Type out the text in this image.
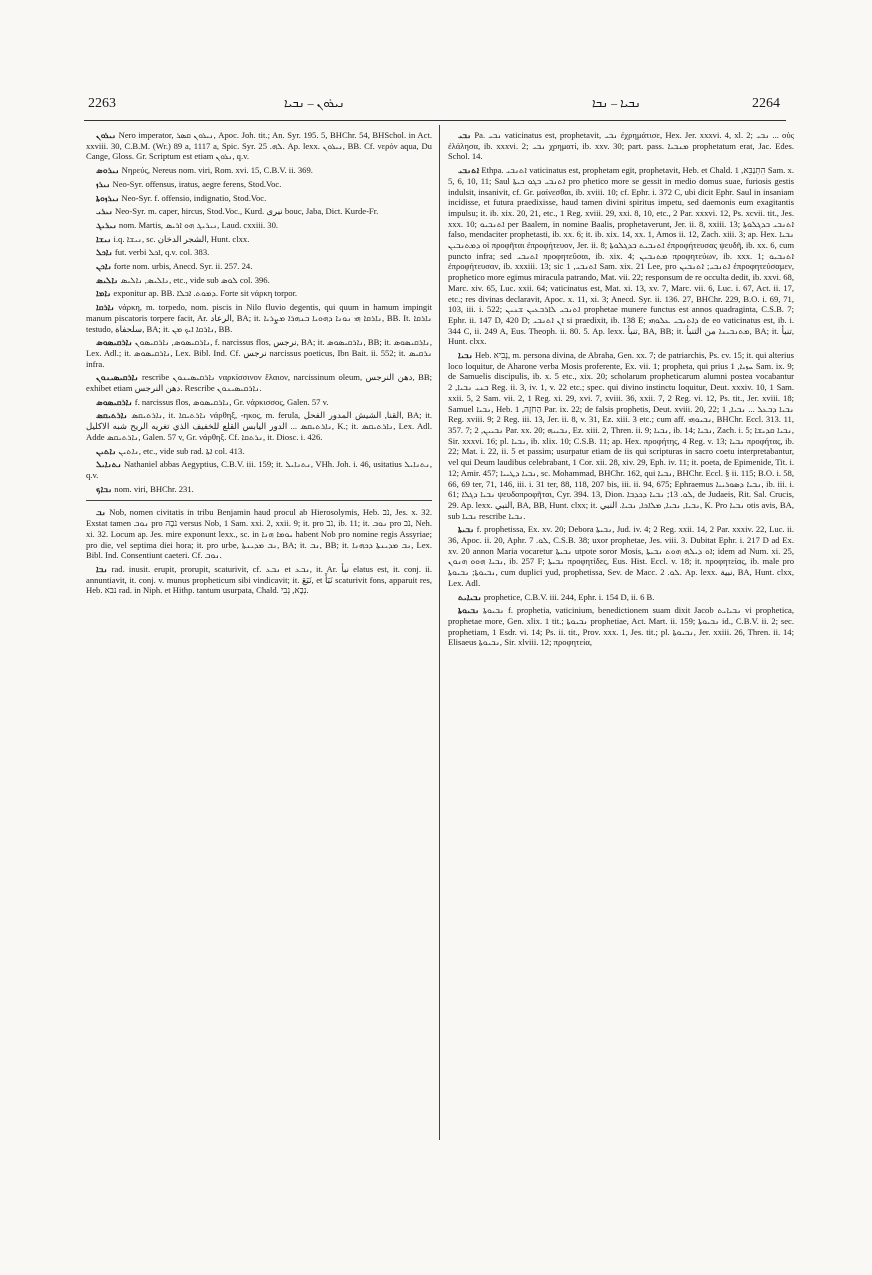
2263	ܢܝܪܘܢ ‒ ܢܒܝܐ	ܢܒܝܐ ‒ ܢܒܐ	2264

ܢܝܪܘܢ Nero imperator, ܢܝܪܘܢ ܩܣܪ, Apoc. Joh. tit.; An. Syr. 195. 5, BHChr. 54, BHSchol. in Act. xxviii. 30, C.B.M. (Wr.) 89 a, 1117 a, Spic. Syr. ܠܗ. 25. Ap. lexx. ܢܝܪܘܢ, BB. Cf. νερόν aqua, Du Cange, Gloss. Gr. Scriptum est etiam ܢܪܘܢ, q.v.

ܢܝܪܘܣ Νηρεύς, Nereus nom. viri, Rom. xvi. 15, C.B.V. ii. 369.

ܢܝܪܙ Neo-Syr. offensus, iratus, aegre ferens, Stod.Voc.

ܢܝܪܙܘܬܐ Neo-Syr. f. offensio, indignatio, Stod.Voc.

ܢܝܪܝ Neo-Syr. m. caper, hircus, Stod.Voc., Kurd. نيرى bouc, Jaba, Dict. Kurde-Fr.

ܢܝܪܝܓ nom. Martis, ܢܝܪܝܓ ܗܘ ܐܪܝܣ, Laud. cxxiii. 30.

ܢܝܫܐ i.q. ܢܝܫܐ, sc. الشجر الدخان, Hunt. clxx.

ܢܐܟܠ fut. verbi ܐܟܠ, q.v. col. 383.

ܢܐܟܢ forte nom. urbis, Anecd. Syr. ii. 257. 24.

ܢܐܠܝܣ ܢܐܠܝܣ, ܢܐܠܝܣ, etc., vide sub ܠܘܣ col. 396.

ܢܐܡܐ exponitur ap. BB. ܕܡܘܬ. ܐܒܠܐ. Forte sit νάρκη torpor.

ܢܐܪܩܐ νάρκη, m. torpedo, nom. piscis in Nilo fluvio degentis, qui quum in hamum impingit manum piscatoris torpere facit, Ar. الرعاد, BA; it. ܢܐܪܩܐ ܗܝ ܢܘܢܐ ܕܗܘܝܐ ܒܢܗܪܐ ܡܨܪܝܐ, BB. It. ܢܐܪܩܐ testudo, سلحفاة, BA; it. ܢܐܪܩܐ ܐܝܟ ܡܢ, BB.

ܢܐܪܩܝܣܘܣ ܢܐܪܩܝܣܘܣ, ܢܐܪܩܝܣܘܢ, f. narcissus flos, نرجس, BA; it. ܢܐܪܩܝܣܘܣ, BB; it. ܢܐܪܩܝܣܘܣ, Lex. Adl.; it. ܢܐܪܩܝܣܘܣ, Lex. Bibl. Ind. Cf. نرجس narcissus poeticus, Ibn Bait. ii. 552; it. ܢܪܩܝܣ infra.

ܢܐܪܩܝܣܝܢܘܢ rescribe ܢܐܪܩܝܣܝܢܘܢ ναρκίσσινον ἔλαιον, narcissinum oleum, دهن النرجس, BB; exhibet etiam دهن النرجس. Rescribe ܢܐܪܩܝܣܝܢܘܢ.

ܢܐܪܩܝܣܘܣ f. narcissus flos, ܢܐܪܩܝܣܘܣ, Gr. νάρκισσος, Galen. 57 v.

ܢܐܪܬܝܩܣ ܢܐܪܬܝܩܣ, it. ܢܐܪܬܝܩܐ νάρθηξ, -ηκος, m. ferula, القنا, الشيش المدور الفحل, BA; it. ܢܐܪܬܝܩܣ ... الدور اليابس القلع للخفيف الذي تغريه الريح شبه الاكليل, K.; it. ܢܐܪܬܝܩܣ, Lex. Adl. Adde ܢܐܪܬܝܩܣ, Galen. 57 v, Gr. νάρθηξ. Cf. ܢܪܬܩܐ, it. Diosc. i. 426.

ܢܐܬܝܢ ܢܐܬܝܢ, etc., vide sub rad. ܐܬܐ col. 413.

ܢܬܢܐܝܠ Nathaniel abbas Aegyptius, C.B.V. iii. 159; it. ܢܬܢܐܝܠ, VHh. Joh. i. 46, usitatius ܢܬܢܐܝܠ, q.v.

ܢܒܐܟ nom. viri, BHChr. 231.

ܢܒ Nob, nomen civitatis in tribu Benjamin haud procul ab Hierosolymis, Heb. נֹב, Jes. x. 32. Exstat tamen ܢܘܒ pro נֹבָה versus Nob, 1 Sam. xxi. 2, xxii. 9; it. pro נֹב, ib. 11; it. ܢܘܒ pro נֹב, Neh. xi. 32. Locum ap. Jes. mire exponunt lexx., sc. in ܝܘܡܐ ܗܢܐ habent Nob pro nomine regis Assyriae; pro die, vel septima diei hora; it. pro urbe, ܢܒ ܡܕܝܢܬܐ, BA; it. ܢܒ, BB; it. ܢܒ ܡܕܝܢܬܐ ܕܟܗܢܐ, Lex. Bibl. Ind. Consentiunt caeteri. Cf. ܢܘܒ.

ܢܒܐ rad. inusit. erupit, prorupit, scaturivit, cf. ܢܒܥ et ܢܒܥ, it. Ar. نبأ elatus est, it. conj. ii. annuntiavit, it. conj. v. munus propheticum sibi vindicavit; it. نَبَعَ, et نَبَأَ scaturivit fons, apparuit res, Heb. נבא rad. in Niph. et Hithp. tantum usurpata, Chald. נְבָא, נְבִי.

ܢܒܝ Pa. ܢܒܝ vaticinatus est, prophetavit, ܢܒܝ ἐχρημάτισε, Hex. Jer. xxxvi. 4, xl. 2; ܢܒܝ ... οὐς ἐλάλησα, ib. xxxvi. 2; ܢܒܝ χρηματί, ib. xxv. 30; part. pass. ܡܢܒܝܐ prophetatum erat, Jac. Edes. Schol. 14.

ܐܬܢܒܝ Ethpa. ܐܬܢܒܝ vaticinatus est, prophetam egit, prophetavit, Heb. et Chald. הִתְנַבֵּא, 1 Sam. x. 5, 6, 10, 11; Saul ܐܬܢܒܝ ܒܓܘ ܒܝܬܐ pro phetico more se gessit in medio domus suae, furiosis gestis indulsit, insanivit, cf. Gr. μαίνεσθαι, ib. xviii. 10; cf. Ephr. i. 372 C, ubi dicit Ephr. Saul in insaniam incidisse, et futura praedixisse, haud tamen divini spiritus impetu, sed daemonis eum exagitantis impulsu; it. ib. xix. 20, 21, etc., 1 Reg. xviii. 29, xxi. 8, 10, etc., 2 Par. xxxvi. 12, Ps. xcvii. tit., Jes. xxx. 10; ܐܬܢܒܝܘ per Baalem, in nomine Baalis, prophetaverunt, Jer. ii. 8, xxiii. 13; ܐܬܢܒܝ ܒܕܓܠܘܬܐ falso, mendaciter prophetasti, ib. xx. 6; it. ib. xix. 14, xx. 1, Amos ii. 12, Zach. xiii. 3; ap. Hex. ܢܒܝܐ ܕܡܬܢܒܝܢ οἱ προφῆται ἐπροφήτευον, Jer. ii. 8; ܐܬܢܒܝܬ ܒܕܓܠܘܬܐ ἐπροφήτευσας ψευδῆ, ib. xx. 6, cum puncto infra; sed ܐܬܢܒܝ προφητεῦσαι, ib. xix. 4; ܡܬܢܒܝܢ προφητεύων, ib. xxx. 1; ܐܬܢܒܝܘ ἐπροφήτευσαν, ib. xxxiii. 13; sic ܐܬܢܒܝ, 1 Sam. xix. 21 Lee, pro ܐܬܢܒܝ; ܐܬܢܒܝܢ ἐπροφητεύσαμεν, prophetico more egimus miracula patrando, Mat. vii. 22; responsum de re occulta dedit, ib. xxvi. 68, Marc. xiv. 65, Luc. xxii. 64; vaticinatus est, Mat. xi. 13, xv. 7, Marc. vii. 6, Luc. i. 67, Act. ii. 17, etc.; res divinas declaravit, Apoc. x. 11, xi. 3; Anecd. Syr. ii. 136. 27, BHChr. 229, B.O. i. 69, 71, 103, iii. i. 522; ܐܬܢܒܝ ܠܐܪܒܥܝܢ ܫܢܝܢ prophetae munere functus est annos quadraginta, C.S.B. 7; Ephr. ii. 147 D, 420 D; ܐܢ ܐܬܢܒܝ si praedixit, ib. 138 E; ܕܐܬܢܒܝ ܥܠܘܗܝ de eo vaticinatus est, ib. i. 344 C, ii. 249 A, Eus. Theoph. ii. 80. 5. Ap. lexx. تنبأ, BA, BB; it. ܡܬܢܒܝܢܐ من التنبأ, BA; it. تنبأ, Hunt. clxx.

ܢܒܝܐ Heb. נָבִיא, m. persona divina, de Abraha, Gen. xx. 7; de patriarchis, Ps. cv. 15; it. qui alterius loco loquitur, de Aharone verba Mosis proferente, Ex. vii. 1; propheta, qui prius ܚܙܝܐ, 1 Sam. ix. 9; de Samuelis discipulis, ib. x. 5 etc., xix. 20; scholarum propheticarum alumni postea vocabantur ܒܢܝ ܢܒܝܐ, 2 Reg. ii. 3, iv. 1, v. 22 etc.; spec. qui divino instinctu loquitur, Deut. xxxiv. 10, 1 Sam. xxii. 5, 2 Sam. vii. 2, 1 Reg. xi. 29, xvi. 7, xviii. 36, xxii. 7, 2 Reg. vi. 12, Ps. tit., Jer. xviii. 18; Samuel ܢܒܝܐ, Heb. הַחֹזֶה, 1 Par. ix. 22; de falsis prophetis, Deut. xviii. 20, 22; ܢܒܝܐ ܕܒܥܠ ... ܢܒܝܐ, 1 Reg. xviii. 9; 2 Reg. iii. 13, Jer. ii. 8, v. 31, Ez. xiii. 3 etc.; cum aff. ܢܒܝܘܗܝ, BHChr. Eccl. 313. 11, 357. 7; ܢܒܝܝܢ, 2 Par. xx. 20; ܢܒܝܝܗ, Ez. xiii. 2, Thren. ii. 9; ܢܒܝܐ, ib. 14; ܢܒܝܐ, Zach. i. 5; ܢܒܝܐ ܩܕܝܫܐ, Sir. xxxvi. 16; pl. ܢܒܝܐ, ib. xlix. 10; C.S.B. 11; ap. Hex. προφήτης, 4 Reg. v. 13; ܢܒܝܐ προφήτας, ib. 22; Mat. i. 22, ii. 5 et passim; usurpatur etiam de iis qui scripturas in sacro coetu interpretabantur, vel qui Deum laudibus celebrabant, 1 Cor. xii. 28, xiv. 29, Eph. iv. 11; it. poeta, de Epimenide, Tit. i. 12; Amir. 457; ܢܒܝܐ ܕܛܝܝܐ, sc. Mohammad, BHChr. 162, qui ܢܒܝܐ, BHChr. Eccl. § ii. 115; B.O. i. 58, 66, 69 ter, 71, 146, iii. i. 31 ter, 88, 118, 207 bis, iii. ii. 94, 675; Ephraemus ܢܒܝܐ ܕܣܘܪܝܝܐ, ib. iii. i. 61; ܢܒܝܐ ܕܓܠܐ ψευδοπροφῆται, Cyr. 394. 13, Dion. ܠܘ. 13; ܢܒܝܐ ܕܟܕܒܐ, de Judaeis, Rit. Sal. Crucis, 29. Ap. lexx. النبي, BA, BB, Hunt. clxx; it. ܢܒܝܐ, ܢܒܝܐ, ܡܠܐܟܐ, ܢܒܝܐ. النبي, K. Pro ܢܒܝܐ otis avis, BA, sub ܢܒܝܐ rescribe ܢܒܝܐ.

ܢܒܝܬܐ f. prophetissa, Ex. xv. 20; Debora ܢܒܝܬܐ, Jud. iv. 4; 2 Reg. xxii. 14, 2 Par. xxxiv. 22, Luc. ii. 36, Apoc. ii. 20, Aphr. ܠܘ. 7, C.S.B. 38; uxor prophetae, Jes. viii. 3. Dubitat Ephr. i. 217 D ad Ex. xv. 20 annon Maria vocaretur ܢܒܝܬܐ utpote soror Mosis, ܐܘ ܕܝܠܗ ܗܘܬ ܢܒܝܬܐ; idem ad Num. xi. 25, ܢܒܝܐ ܗܘܘ ܗܢܘܢ, ib. 257 F; ܢܒܝܬܐ προφητίδες, Eus. Hist. Eccl. v. 18; it. προφητείας, ib. male pro ܢܒܝܘܬܐ; ܢܒܝܘܬܐ, cum duplici yud, prophetissa, Sev. de Macc. ܠܘ. 2. Ap. lexx. نبية, BA, Hunt. clxx, Lex. Adl.

ܢܒܝܐܝܬ prophetice, C.B.V. iii. 244, Ephr. i. 154 D, ii. 6 B.

ܢܒܝܘܬܐ ܢܒܝܘܬܐ f. prophetia, vaticinium, benedictionem suam dixit Jacob ܢܒܝܐܝܬ vi prophetica, prophetae more, Gen. xlix. 1 tit.; ܢܒܝܘܬܐ prophetiae, Act. Mart. ii. 159; ܢܒܝܘܬܐ id., C.B.V. ii. 2; sec. prophetiam, 1 Esdr. vi. 14; Ps. ii. tit., Prov. xxx. 1, Jes. tit.; pl. ܢܒܝܘܬܐ, Jer. xxiii. 26, Thren. ii. 14; Elisaeus ܢܒܝܘܬܐ, Sir. xlviii. 12; προφητεία,
